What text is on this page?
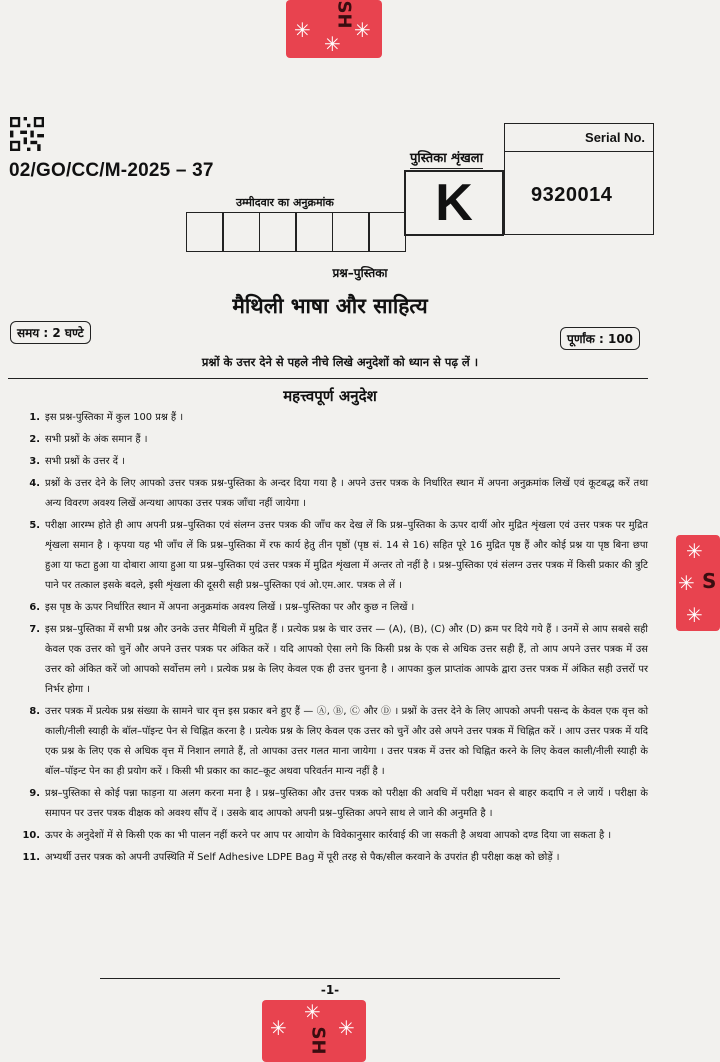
✳
✳
✳
SH
02/GO/CC/M-2025 – 37
पुस्तिका शृंखला
K
Serial No.
9320014
उम्मीदवार का अनुक्रमांक
प्रश्न–पुस्तिका
मैथिली भाषा और साहित्य
समय : 2 घण्टे	पूर्णांक : 100
प्रश्नों के उत्तर देने से पहले नीचे लिखे अनुदेशों को ध्यान से पढ़ लें ।
महत्त्वपूर्ण अनुदेश
1. इस प्रश्न-पुस्तिका में कुल 100 प्रश्न हैं ।
2. सभी प्रश्नों के अंक समान हैं ।
3. सभी प्रश्नों के उत्तर दें ।
4. प्रश्नों के उत्तर देने के लिए आपको उत्तर पत्रक प्रश्न-पुस्तिका के अन्दर दिया गया है । अपने उत्तर पत्रक के निर्धारित स्थान में अपना अनुक्रमांक लिखें एवं कूटबद्ध करें तथा अन्य विवरण अवश्य लिखें अन्यथा आपका उत्तर पत्रक जाँचा नहीं जायेगा ।
5. परीक्षा आरम्भ होते ही आप अपनी प्रश्न–पुस्तिका एवं संलग्न उत्तर पत्रक की जाँच कर देख लें कि प्रश्न–पुस्तिका के ऊपर दायीं ओर मुद्रित शृंखला एवं उत्तर पत्रक पर मुद्रित शृंखला समान है । कृपया यह भी जाँच लें कि प्रश्न–पुस्तिका में रफ कार्य हेतु तीन पृष्ठों (पृष्ठ सं. 14 से 16) सहित पूरे 16 मुद्रित पृष्ठ हैं और कोई प्रश्न या पृष्ठ बिना छपा हुआ या फटा हुआ या दोबारा आया हुआ या प्रश्न–पुस्तिका एवं उत्तर पत्रक में मुद्रित शृंखला में अन्तर तो नहीं है । प्रश्न–पुस्तिका एवं संलग्न उत्तर पत्रक में किसी प्रकार की त्रुटि पाने पर तत्काल इसके बदले, इसी शृंखला की दूसरी सही प्रश्न–पुस्तिका एवं ओ.एम.आर. पत्रक ले लें ।
6. इस पृष्ठ के ऊपर निर्धारित स्थान में अपना अनुक्रमांक अवश्य लिखें । प्रश्न–पुस्तिका पर और कुछ न लिखें ।
7. इस प्रश्न–पुस्तिका में सभी प्रश्न और उनके उत्तर मैथिली में मुद्रित हैं । प्रत्येक प्रश्न के चार उत्तर — (A), (B), (C) और (D) क्रम पर दिये गये हैं । उनमें से आप सबसे सही केवल एक उत्तर को चुनें और अपने उत्तर पत्रक पर अंकित करें । यदि आपको ऐसा लगे कि किसी प्रश्न के एक से अधिक उत्तर सही हैं, तो आप अपने उत्तर पत्रक में उस उत्तर को अंकित करें जो आपको सर्वोत्तम लगे । प्रत्येक प्रश्न के लिए केवल एक ही उत्तर चुनना है । आपका कुल प्राप्तांक आपके द्वारा उत्तर पत्रक में अंकित सही उत्तरों पर निर्भर होगा ।
8. उत्तर पत्रक में प्रत्येक प्रश्न संख्या के सामने चार वृत्त इस प्रकार बने हुए हैं — Ⓐ, Ⓑ, Ⓒ और Ⓓ । प्रश्नों के उत्तर देने के लिए आपको अपनी पसन्द के केवल एक वृत्त को काली/नीली स्याही के बॉल–पॉइन्ट पेन से चिह्नित करना है । प्रत्येक प्रश्न के लिए केवल एक उत्तर को चुनें और उसे अपने उत्तर पत्रक में चिह्नित करें । आप उत्तर पत्रक में यदि एक प्रश्न के लिए एक से अधिक वृत्त में निशान लगाते हैं, तो आपका उत्तर गलत माना जायेगा । उत्तर पत्रक में उत्तर को चिह्नित करने के लिए केवल काली/नीली स्याही के बॉल–पॉइन्ट पेन का ही प्रयोग करें । किसी भी प्रकार का काट–कूट अथवा परिवर्तन मान्य नहीं है ।
9. प्रश्न–पुस्तिका से कोई पन्ना फाड़ना या अलग करना मना है । प्रश्न–पुस्तिका और उत्तर पत्रक को परीक्षा की अवधि में परीक्षा भवन से बाहर कदापि न ले जायें । परीक्षा के समापन पर उत्तर पत्रक वीक्षक को अवश्य सौंप दें । उसके बाद आपको अपनी प्रश्न–पुस्तिका अपने साथ ले जाने की अनुमति है ।
10. ऊपर के अनुदेशों में से किसी एक का भी पालन नहीं करने पर आप पर आयोग के विवेकानुसार कार्रवाई की जा सकती है अथवा आपको दण्ड दिया जा सकता है ।
11. अभ्यर्थी उत्तर पत्रक को अपनी उपस्थिति में Self Adhesive LDPE Bag में पूरी तरह से पैक/सील करवाने के उपरांत ही परीक्षा कक्ष को छोड़ें ।
-1-
✳
✳
✳
S
✳
✳
✳
SH
